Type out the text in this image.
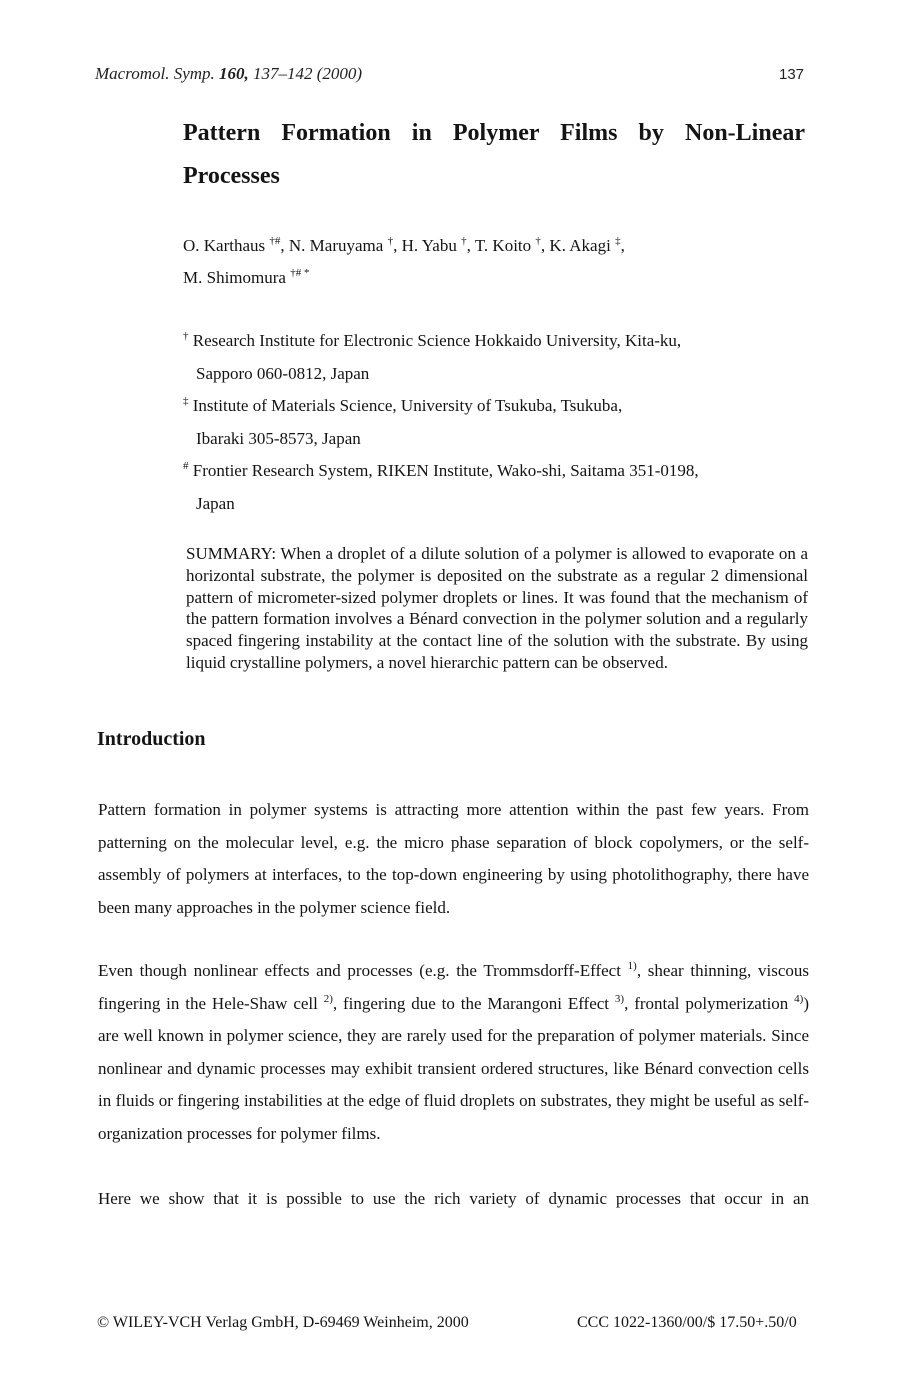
Macromol. Symp. 160, 137–142 (2000)	137
Pattern Formation in Polymer Films by Non-Linear Processes
O. Karthaus †#, N. Maruyama †, H. Yabu †, T. Koito †, K. Akagi ‡,
M. Shimomura †# *
† Research Institute for Electronic Science Hokkaido University, Kita-ku,
Sapporo 060-0812, Japan
‡ Institute of Materials Science, University of Tsukuba, Tsukuba,
Ibaraki 305-8573, Japan
# Frontier Research System, RIKEN Institute, Wako-shi, Saitama 351-0198,
Japan
SUMMARY: When a droplet of a dilute solution of a polymer is allowed to evaporate on a horizontal substrate, the polymer is deposited on the substrate as a regular 2 dimensional pattern of micrometer-sized polymer droplets or lines. It was found that the mechanism of the pattern formation involves a Bénard convection in the polymer solution and a regularly spaced fingering instability at the contact line of the solution with the substrate. By using liquid crystalline polymers, a novel hierarchic pattern can be observed.
Introduction
Pattern formation in polymer systems is attracting more attention within the past few years. From patterning on the molecular level, e.g. the micro phase separation of block copolymers, or the self-assembly of polymers at interfaces, to the top-down engineering by using photolithography, there have been many approaches in the polymer science field.
Even though nonlinear effects and processes (e.g. the Trommsdorff-Effect $^{1)}$, shear thinning, viscous fingering in the Hele-Shaw cell $^{2)}$, fingering due to the Marangoni Effect $^{3)}$, frontal polymerization $^{4)}$) are well known in polymer science, they are rarely used for the preparation of polymer materials. Since nonlinear and dynamic processes may exhibit transient ordered structures, like Bénard convection cells in fluids or fingering instabilities at the edge of fluid droplets on substrates, they might be useful as self-organization processes for polymer films.
Here we show that it is possible to use the rich variety of dynamic processes that occur in an
© WILEY-VCH Verlag GmbH, D-69469 Weinheim, 2000	CCC 1022-1360/00/$ 17.50+.50/0
